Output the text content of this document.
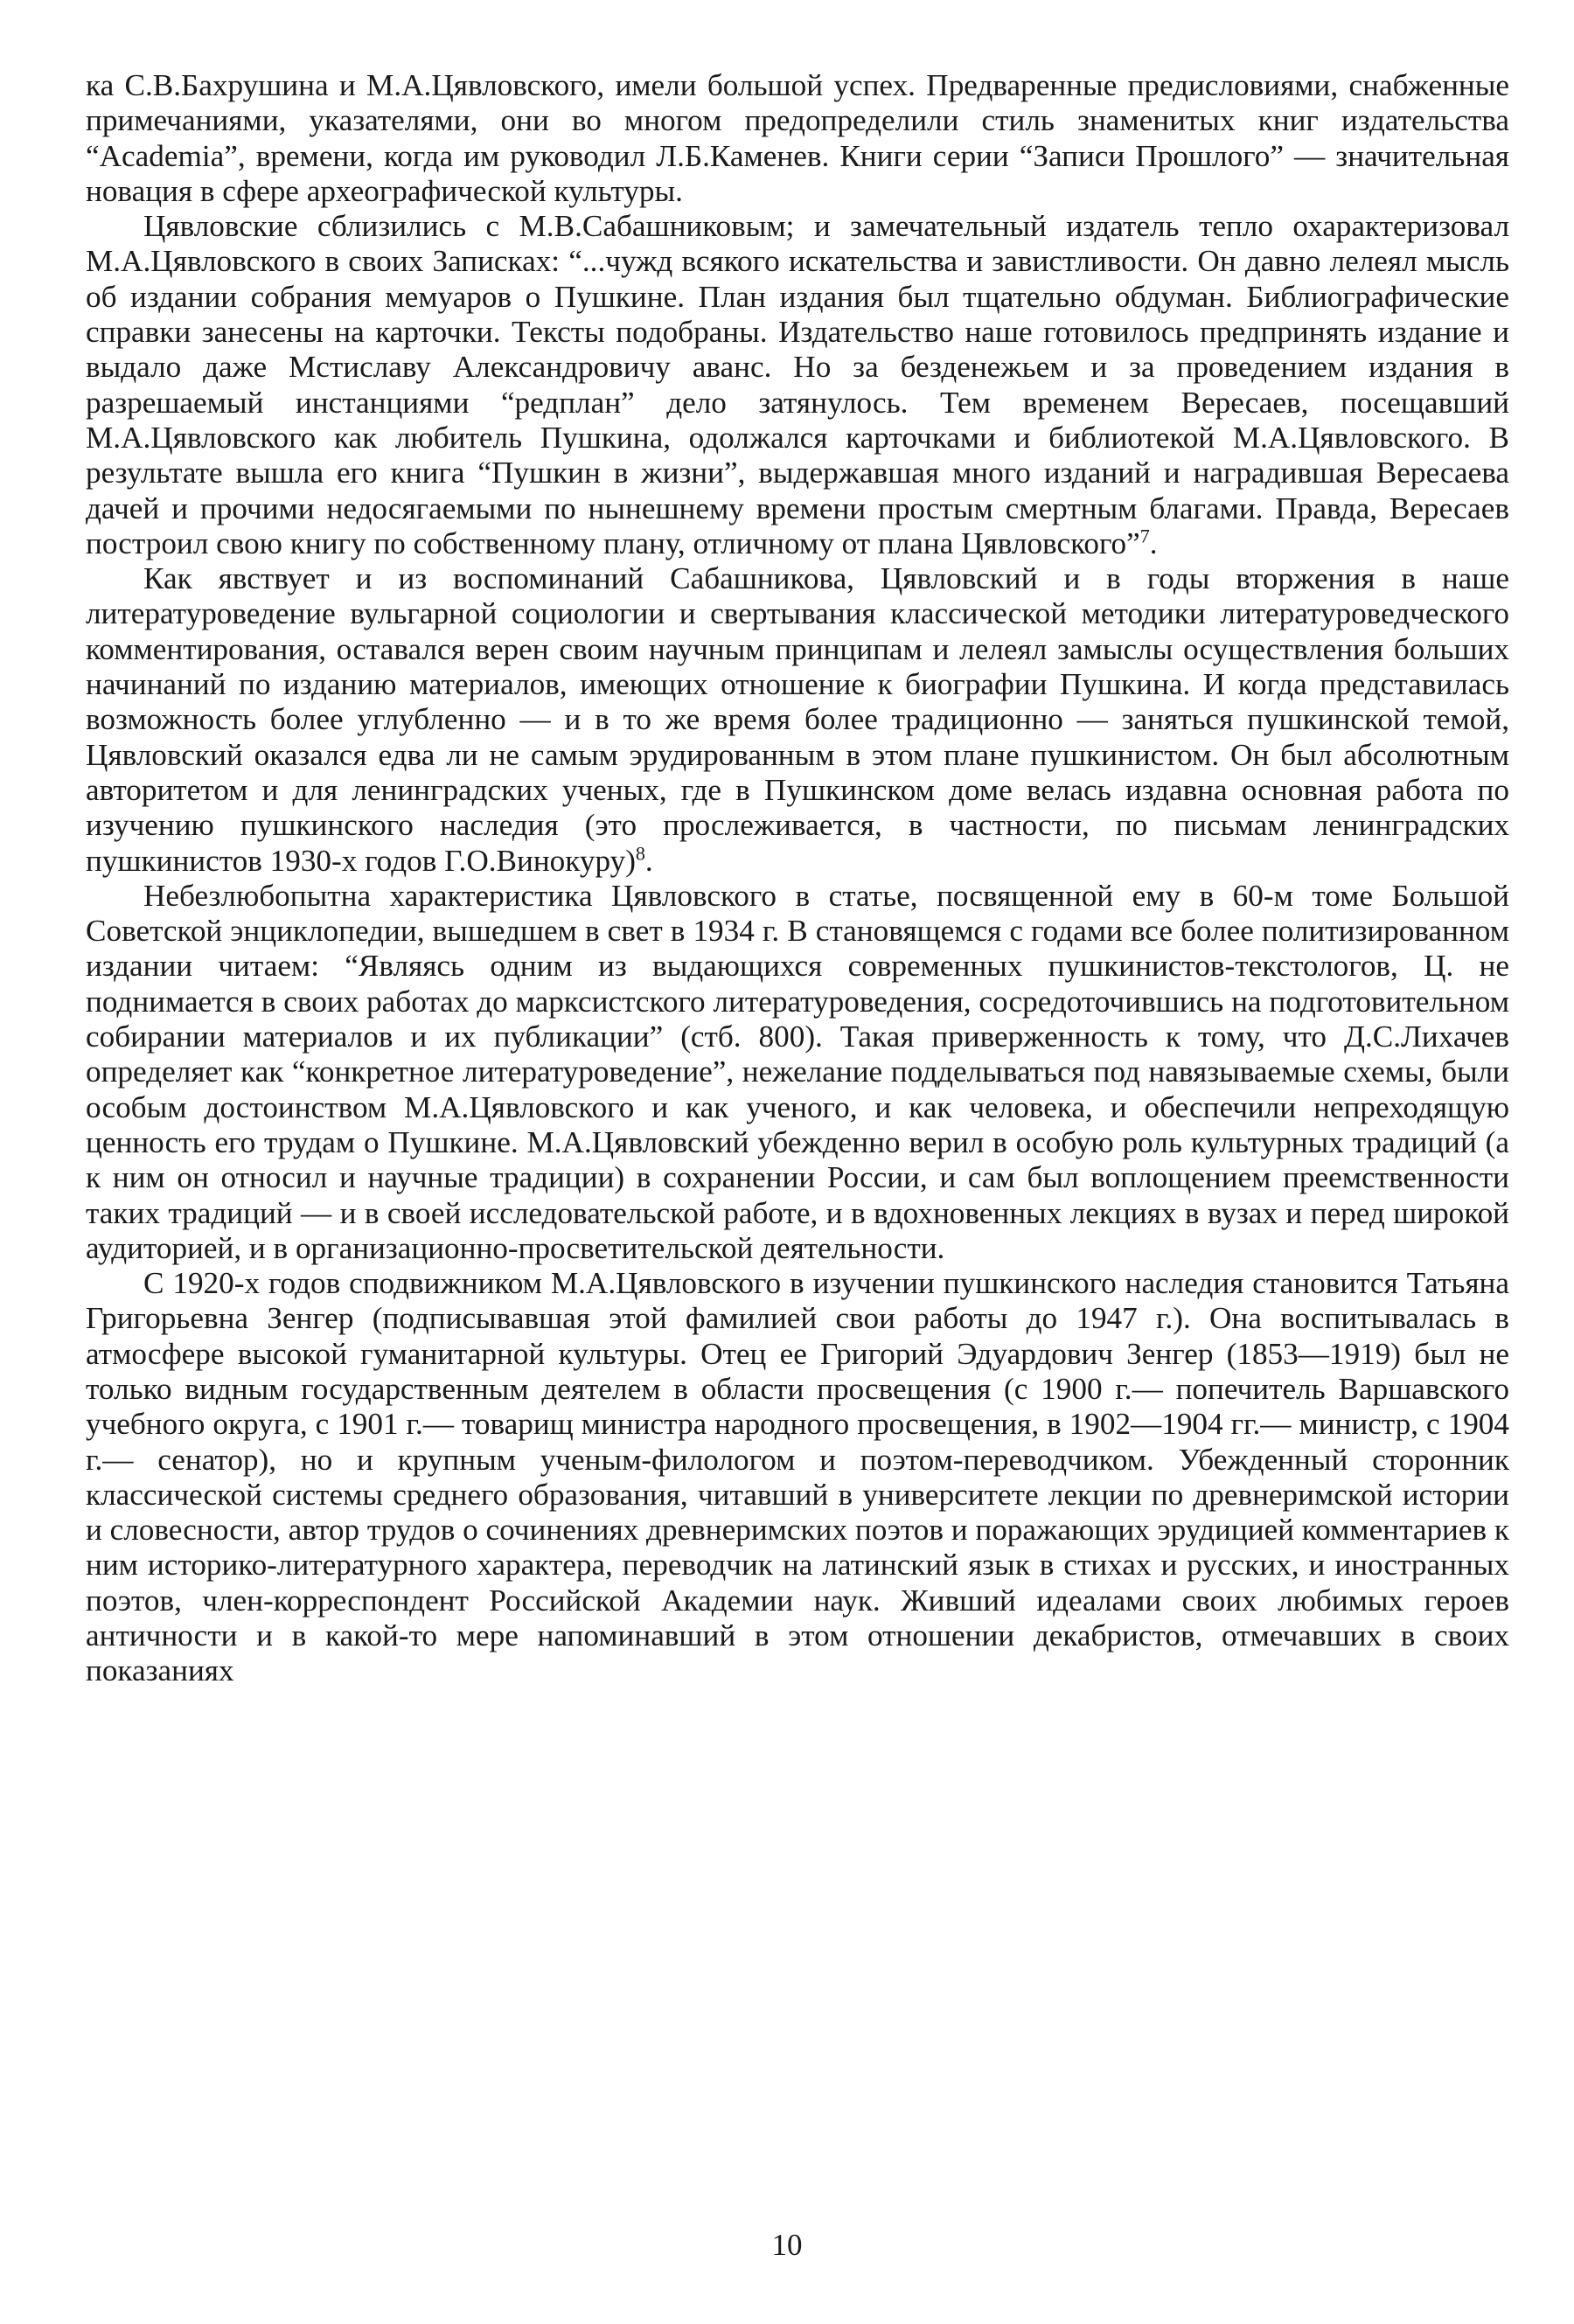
ка С.В.Бахрушина и М.А.Цявловского, имели большой успех. Предваренные предисловиями, снабженные примечаниями, указателями, они во многом предопределили стиль знаменитых книг издательства “Academia”, времени, когда им руководил Л.Б.Каменев. Книги серии “Записи Прошлого” — значительная новация в сфере археографической культуры.

Цявловские сблизились с М.В.Сабашниковым; и замечательный издатель тепло охарактеризовал М.А.Цявловского в своих Записках: “...чужд всякого искательства и завистливости. Он давно лелеял мысль об издании собрания мемуаров о Пушкине. План издания был тщательно обдуман. Библиографические справки занесены на карточки. Тексты подобраны. Издательство наше готовилось предпринять издание и выдало даже Мстиславу Александровичу аванс. Но за безденежьем и за проведением издания в разрешаемый инстанциями “редплан” дело затянулось. Тем временем Вересаев, посещавший М.А.Цявловского как любитель Пушкина, одолжался карточками и библиотекой М.А.Цявловского. В результате вышла его книга “Пушкин в жизни”, выдержавшая много изданий и наградившая Вересаева дачей и прочими недосягаемыми по нынешнему времени простым смертным благами. Правда, Вересаев построил свою книгу по собственному плану, отличному от плана Цявловского”$^7$.

Как явствует и из воспоминаний Сабашникова, Цявловский и в годы вторжения в наше литературоведение вульгарной социологии и свертывания классической методики литературоведческого комментирования, оставался верен своим научным принципам и лелеял замыслы осуществления больших начинаний по изданию материалов, имеющих отношение к биографии Пушкина. И когда представилась возможность более углубленно — и в то же время более традиционно — заняться пушкинской темой, Цявловский оказался едва ли не самым эрудированным в этом плане пушкинистом. Он был абсолютным авторитетом и для ленинградских ученых, где в Пушкинском доме велась издавна основная работа по изучению пушкинского наследия (это прослеживается, в частности, по письмам ленинградских пушкинистов 1930-х годов Г.О.Винокуру)$^8$.

Небезлюбопытна характеристика Цявловского в статье, посвященной ему в 60-м томе Большой Советской энциклопедии, вышедшем в свет в 1934 г. В становящемся с годами все более политизированном издании читаем: “Являясь одним из выдающихся современных пушкинистов-текстологов, Ц. не поднимается в своих работах до марксистского литературоведения, сосредоточившись на подготовительном собирании материалов и их публикации” (стб. 800). Такая приверженность к тому, что Д.С.Лихачев определяет как “конкретное литературоведение”, нежелание подделываться под навязываемые схемы, были особым достоинством М.А.Цявловского и как ученого, и как человека, и обеспечили непреходящую ценность его трудам о Пушкине. М.А.Цявловский убежденно верил в особую роль культурных традиций (а к ним он относил и научные традиции) в сохранении России, и сам был воплощением преемственности таких традиций — и в своей исследовательской работе, и в вдохновенных лекциях в вузах и перед широкой аудиторией, и в организационно-просветительской деятельности.

С 1920-х годов сподвижником М.А.Цявловского в изучении пушкинского наследия становится Татьяна Григорьевна Зенгер (подписывавшая этой фамилией свои работы до 1947 г.). Она воспитывалась в атмосфере высокой гуманитарной культуры. Отец ее Григорий Эдуардович Зенгер (1853—1919) был не только видным государственным деятелем в области просвещения (с 1900 г.— попечитель Варшавского учебного округа, с 1901 г.— товарищ министра народного просвещения, в 1902—1904 гг.— министр, с 1904 г.— сенатор), но и крупным ученым-филологом и поэтом-переводчиком. Убежденный сторонник классической системы среднего образования, читавший в университете лекции по древнеримской истории и словесности, автор трудов о сочинениях древнеримских поэтов и поражающих эрудицией комментариев к ним историко-литературного характера, переводчик на латинский язык в стихах и русских, и иностранных поэтов, член-корреспондент Российской Академии наук. Живший идеалами своих любимых героев античности и в какой-то мере напоминавший в этом отношении декабристов, отмечавших в своих показаниях

10
